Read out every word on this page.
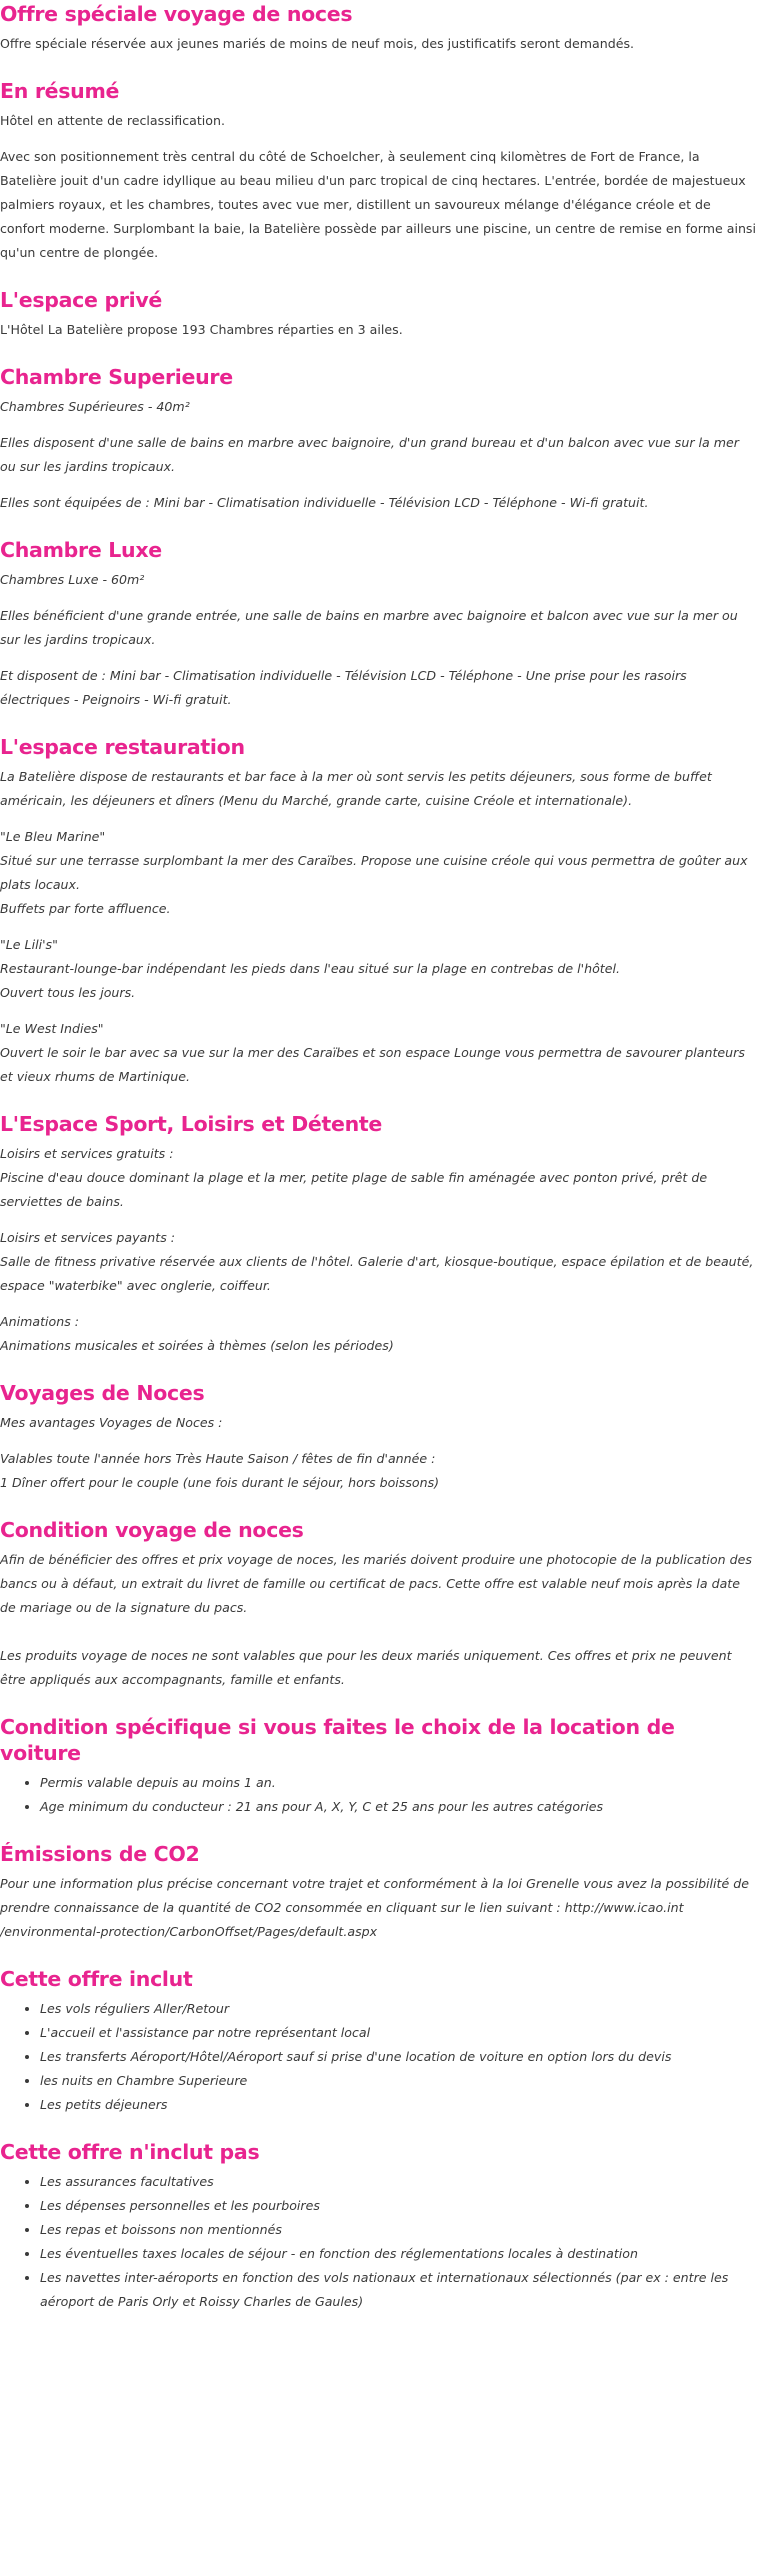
Offre spéciale voyage de noces

Offre spéciale réservée aux jeunes mariés de moins de neuf mois, des justificatifs seront demandés.

En résumé

Hôtel en attente de reclassification.

Avec son positionnement très central du côté de Schoelcher, à seulement cinq kilomètres de Fort de France, la Batelière jouit d'un cadre idyllique au beau milieu d'un parc tropical de cinq hectares. L'entrée, bordée de majestueux palmiers royaux, et les chambres, toutes avec vue mer, distillent un savoureux mélange d'élégance créole et de confort moderne. Surplombant la baie, la Batelière possède par ailleurs une piscine, un centre de remise en forme ainsi qu'un centre de plongée.

L'espace privé

L'Hôtel La Batelière propose 193 Chambres réparties en 3 ailes.

Chambre Superieure

Chambres Supérieures - 40m²

Elles disposent d'une salle de bains en marbre avec baignoire, d'un grand bureau et d'un balcon avec vue sur la mer ou sur les jardins tropicaux.

Elles sont équipées de : Mini bar - Climatisation individuelle - Télévision LCD - Téléphone - Wi-fi gratuit.

Chambre Luxe

Chambres Luxe - 60m²

Elles bénéficient d'une grande entrée, une salle de bains en marbre avec baignoire et balcon avec vue sur la mer ou sur les jardins tropicaux.

Et disposent de : Mini bar - Climatisation individuelle - Télévision LCD - Téléphone - Une prise pour les rasoirs électriques - Peignoirs - Wi-fi gratuit.

L'espace restauration

La Batelière dispose de restaurants et bar face à la mer où sont servis les petits déjeuners, sous forme de buffet américain, les déjeuners et dîners (Menu du Marché, grande carte, cuisine Créole et internationale).

"Le Bleu Marine"

Situé sur une terrasse surplombant la mer des Caraïbes. Propose une cuisine créole qui vous permettra de goûter aux plats locaux.

Buffets par forte affluence.

"Le Lili's"

Restaurant-lounge-bar indépendant les pieds dans l'eau situé sur la plage en contrebas de l'hôtel.

Ouvert tous les jours.

"Le West Indies"

Ouvert le soir le bar avec sa vue sur la mer des Caraïbes et son espace Lounge vous permettra de savourer planteurs et vieux rhums de Martinique.

L'Espace Sport, Loisirs et Détente

Loisirs et services gratuits :

Piscine d'eau douce dominant la plage et la mer, petite plage de sable fin aménagée avec ponton privé, prêt de serviettes de bains.

Loisirs et services payants :

Salle de fitness privative réservée aux clients de l'hôtel. Galerie d'art, kiosque-boutique, espace épilation et de beauté, espace "waterbike" avec onglerie, coiffeur.

Animations :

Animations musicales et soirées à thèmes (selon les périodes)

Voyages de Noces

Mes avantages Voyages de Noces :

Valables toute l'année hors Très Haute Saison / fêtes de fin d'année :

1 Dîner offert pour le couple (une fois durant le séjour, hors boissons)

Condition voyage de noces

Afin de bénéficier des offres et prix voyage de noces, les mariés doivent produire une photocopie de la publication des bancs ou à défaut, un extrait du livret de famille ou certificat de pacs. Cette offre est valable neuf mois après la date de mariage ou de la signature du pacs.

Les produits voyage de noces ne sont valables que pour les deux mariés uniquement. Ces offres et prix ne peuvent être appliqués aux accompagnants, famille et enfants.

Condition spécifique si vous faites le choix de la location de voiture
• Permis valable depuis au moins 1 an.
• Age minimum du conducteur : 21 ans pour A, X, Y, C et 25 ans pour les autres catégories
Émissions de CO2

Pour une information plus précise concernant votre trajet et conformément à la loi Grenelle vous avez la possibilité de prendre connaissance de la quantité de CO2 consommée en cliquant sur le lien suivant : http://www.icao.int /environmental-protection/CarbonOffset/Pages/default.aspx

Cette offre inclut
• Les vols réguliers Aller/Retour
• L'accueil et l'assistance par notre représentant local
• Les transferts Aéroport/Hôtel/Aéroport sauf si prise d'une location de voiture en option lors du devis
• les nuits en Chambre Superieure
• Les petits déjeuners
Cette offre n'inclut pas
• Les assurances facultatives
• Les dépenses personnelles et les pourboires
• Les repas et boissons non mentionnés
• Les éventuelles taxes locales de séjour - en fonction des réglementations locales à destination
• Les navettes inter-aéroports en fonction des vols nationaux et internationaux sélectionnés (par ex : entre les aéroport de Paris Orly et Roissy Charles de Gaules)
